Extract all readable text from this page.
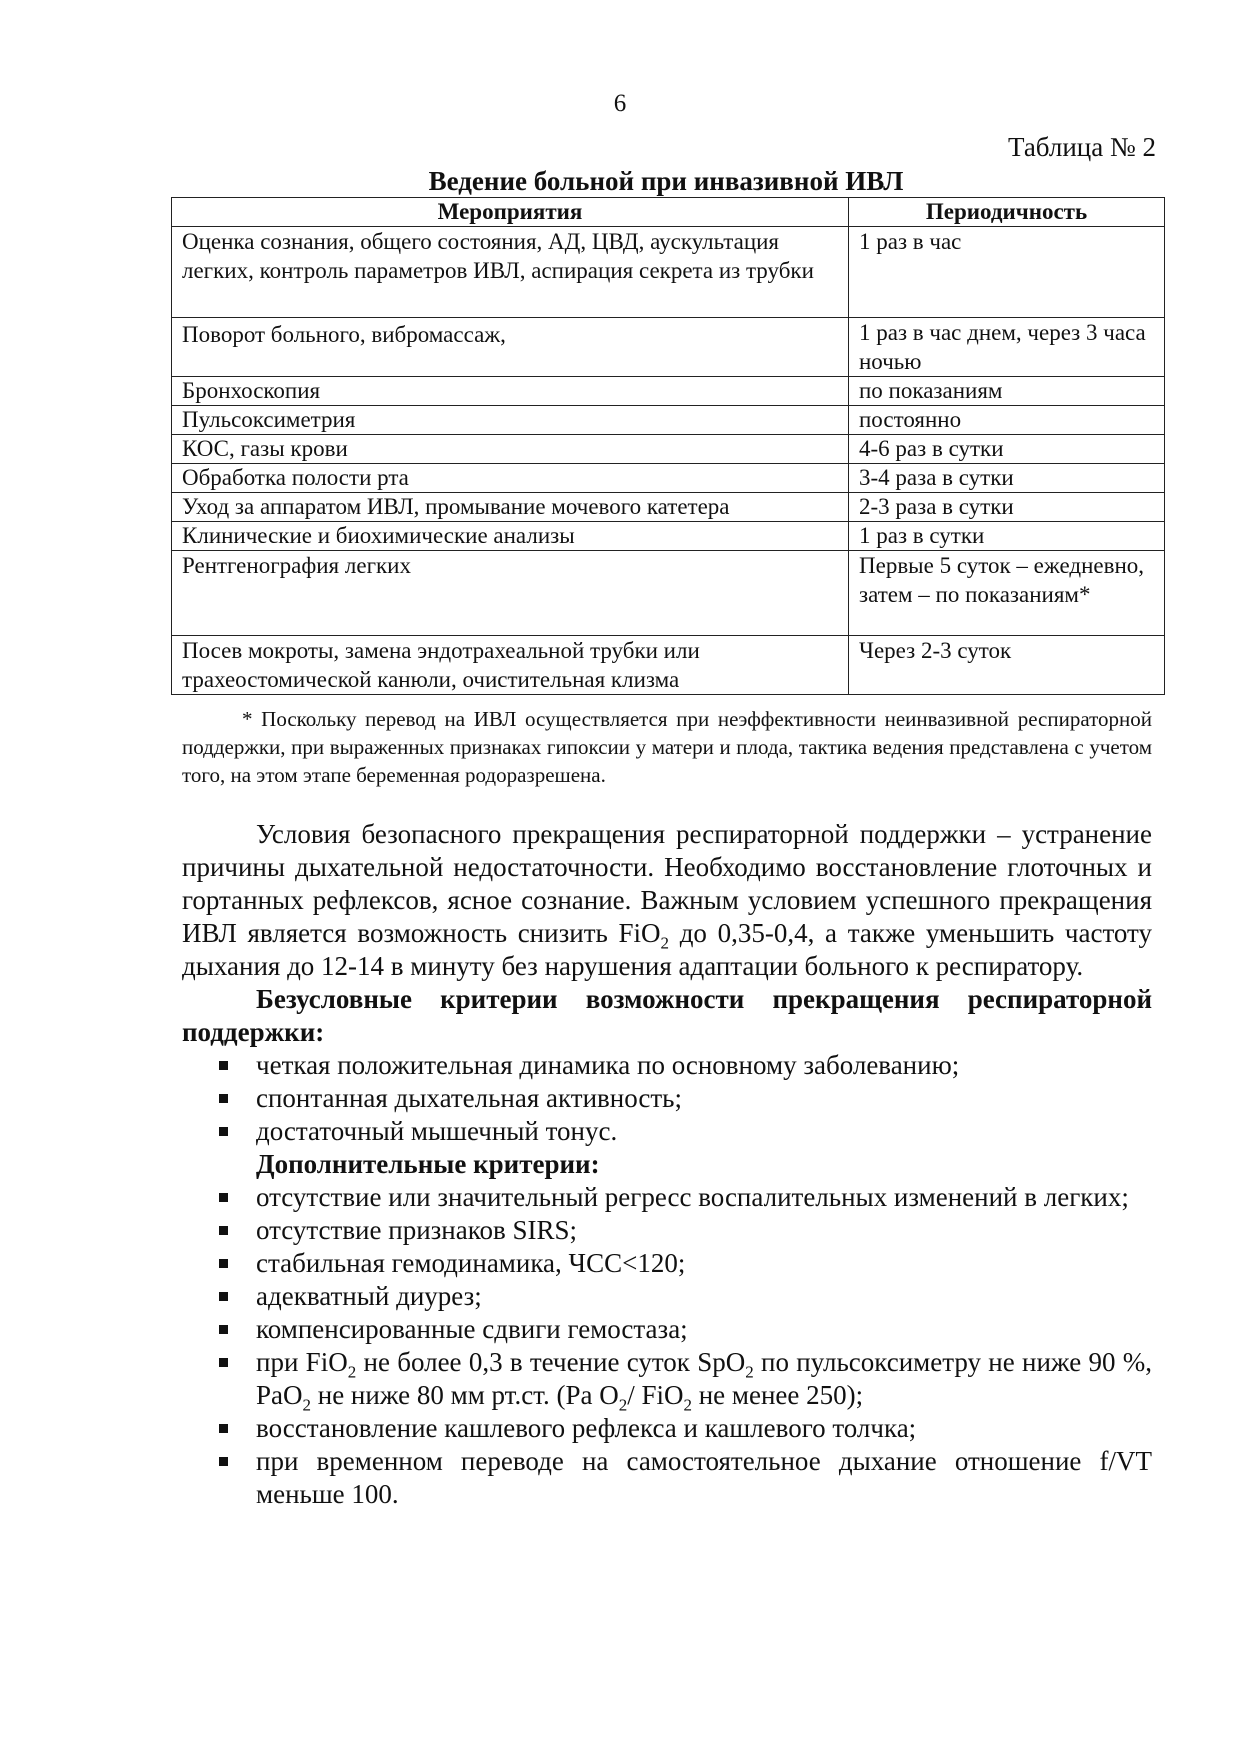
6
Таблица № 2
Ведение больной при инвазивной ИВЛ
Мероприятия	Периодичность
Оценка сознания, общего состояния, АД, ЦВД, аускультация легких, контроль параметров ИВЛ, аспирация секрета из трубки	1 раз в час
Поворот больного, вибромассаж,	1 раз в час днем, через 3 часа ночью
Бронхоскопия	по показаниям
Пульсоксиметрия	постоянно
КОС, газы крови	4-6 раз в сутки
Обработка полости рта	3-4 раза в сутки
Уход за аппаратом ИВЛ, промывание мочевого катетера	2-3 раза в сутки
Клинические и биохимические анализы	1 раз в сутки
Рентгенография легких	Первые 5 суток – ежедневно, затем – по показаниям*
Посев мокроты, замена эндотрахеальной трубки или трахеостомической канюли, очистительная клизма	Через 2-3 суток

* Поскольку перевод на ИВЛ осуществляется при неэффективности неинвазивной респираторной поддержки, при выраженных признаках гипоксии у матери и плода, тактика ведения представлена с учетом того, на этом этапе беременная родоразрешена.

Условия безопасного прекращения респираторной поддержки – устранение причины дыхательной недостаточности. Необходимо восстановление глоточных и гортанных рефлексов, ясное сознание. Важным условием успешного прекращения ИВЛ является возможность снизить FiO$_2$ до 0,35-0,4, а также уменьшить частоту дыхания до 12-14 в минуту без нарушения адаптации больного к респиратору.

Безусловные критерии возможности прекращения респираторной поддержки:
четкая положительная динамика по основному заболеванию;
спонтанная дыхательная активность;
достаточный мышечный тонус.
Дополнительные критерии:
отсутствие или значительный регресс воспалительных изменений в легких;
отсутствие признаков SIRS;
стабильная гемодинамика, ЧСС<120;
адекватный диурез;
компенсированные сдвиги гемостаза;
при FiO$_2$ не более 0,3 в течение суток SpO$_2$ по пульсоксиметру не ниже 90 %, PaO$_2$ не ниже 80 мм рт.ст. (Pa $O_2/$ FiO$_2$ не менее 250);
восстановление кашлевого рефлекса и кашлевого толчка;
при временном переводе на самостоятельное дыхание отношение f/VT меньше 100.
